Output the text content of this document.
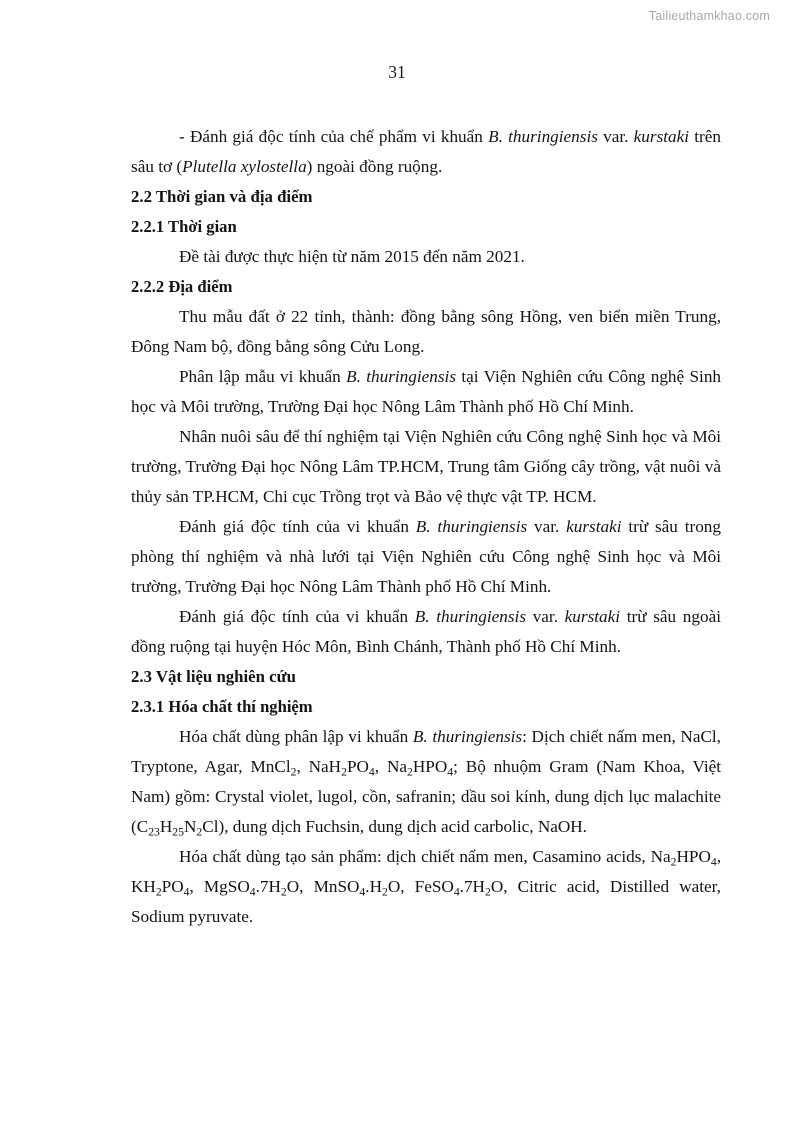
Tailieuthamkhao.com
31

- Đánh giá độc tính của chế phẩm vi khuẩn B. thuringiensis var. kurstaki trên sâu tơ (Plutella xylostella) ngoài đồng ruộng.

2.2 Thời gian và địa điểm
2.2.1 Thời gian

Đề tài được thực hiện từ năm 2015 đến năm 2021.

2.2.2 Địa điểm

Thu mẫu đất ở 22 tỉnh, thành: đồng bằng sông Hồng, ven biển miền Trung, Đông Nam bộ, đồng bằng sông Cửu Long.

Phân lập mẫu vi khuẩn B. thuringiensis tại Viện Nghiên cứu Công nghệ Sinh học và Môi trường, Trường Đại học Nông Lâm Thành phố Hồ Chí Minh.

Nhân nuôi sâu để thí nghiệm tại Viện Nghiên cứu Công nghệ Sinh học và Môi trường, Trường Đại học Nông Lâm TP.HCM, Trung tâm Giống cây trồng, vật nuôi và thủy sản TP.HCM, Chi cục Trồng trọt và Bảo vệ thực vật TP. HCM.

Đánh giá độc tính của vi khuẩn B. thuringiensis var. kurstaki trừ sâu trong phòng thí nghiệm và nhà lưới tại Viện Nghiên cứu Công nghệ Sinh học và Môi trường, Trường Đại học Nông Lâm Thành phố Hồ Chí Minh.

Đánh giá độc tính của vi khuẩn B. thuringiensis var. kurstaki trừ sâu ngoài đồng ruộng tại huyện Hóc Môn, Bình Chánh, Thành phố Hồ Chí Minh.

2.3 Vật liệu nghiên cứu
2.3.1 Hóa chất thí nghiệm

Hóa chất dùng phân lập vi khuẩn B. thuringiensis: Dịch chiết nấm men, NaCl, Tryptone, Agar, MnCl$_2$, $NaH_2PO_4$, $Na_2HPO_4$; Bộ nhuộm Gram (Nam Khoa, Việt Nam) gồm: Crystal violet, lugol, cồn, safranin; dầu soi kính, dung dịch lục malachite $(C_{23}H_{25}N_2Cl)$, dung dịch Fuchsin, dung dịch acid carbolic, NaOH.

Hóa chất dùng tạo sản phẩm: dịch chiết nấm men, Casamino acids, $Na_2HPO_4$, $KH_2PO_4$, $MgSO_4.7H_2O$, $MnSO_4.H_2O$, $FeSO_4.7H_2O$, Citric acid, Distilled water, Sodium pyruvate.
